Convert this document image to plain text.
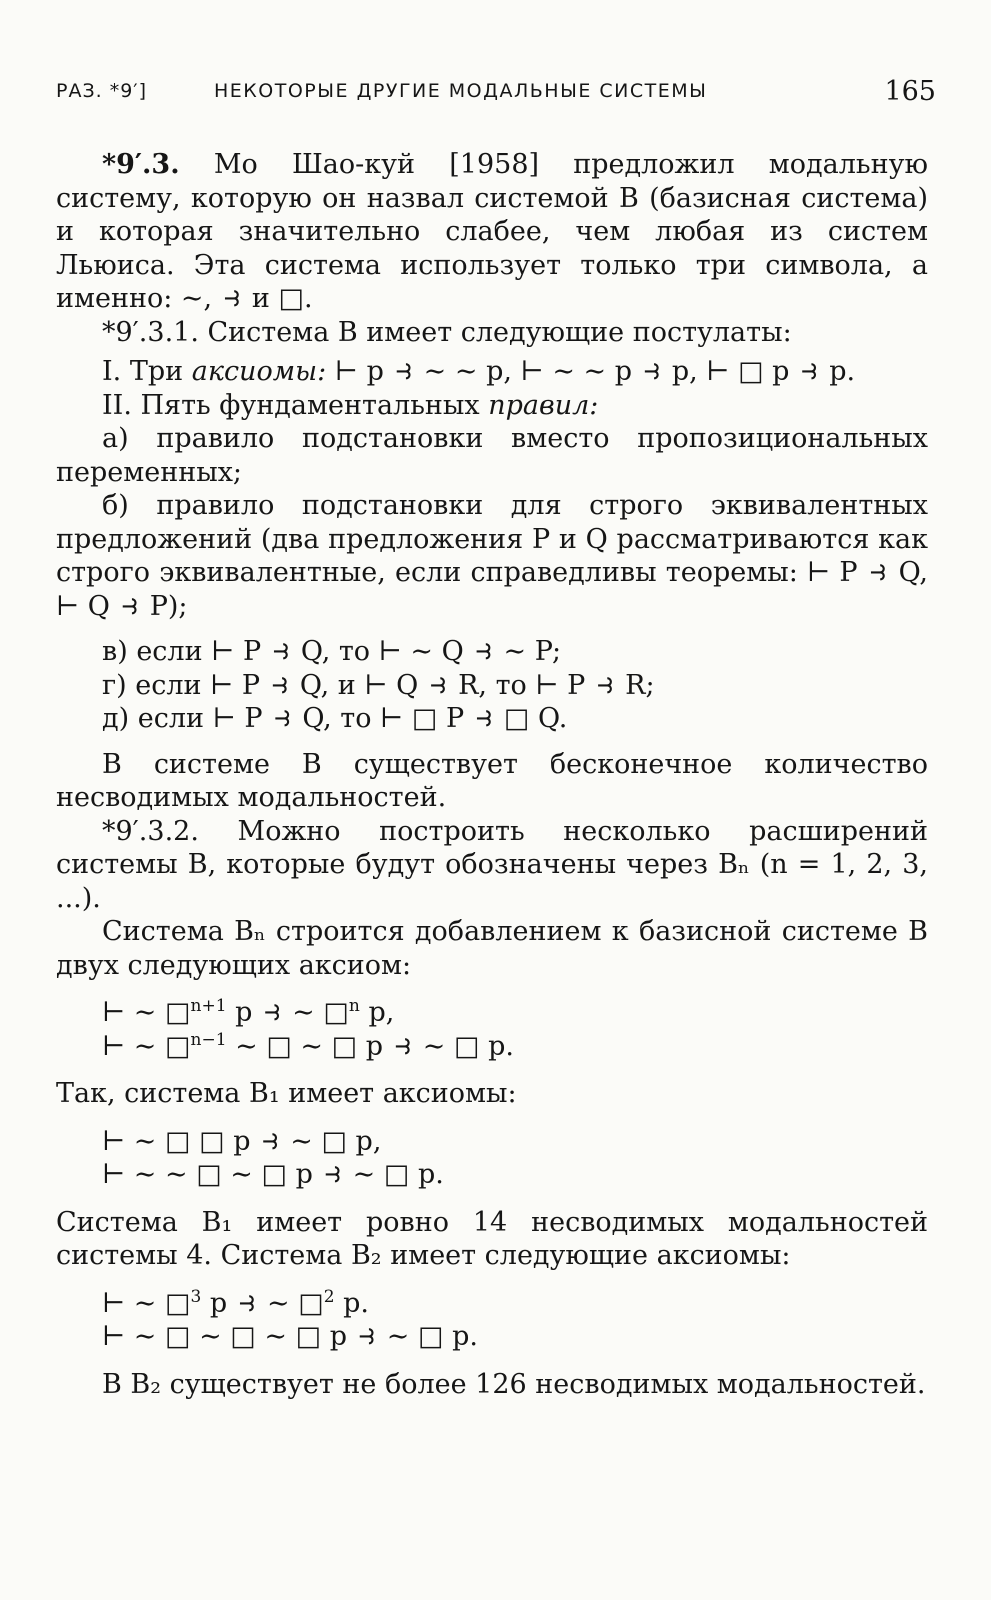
РАЗ. *9′]	НЕКОТОРЫЕ ДРУГИЕ МОДАЛЬНЫЕ СИСТЕМЫ	165

*9′.3. Мо Шао-куй [1958] предложил модальную систему, которую он назвал системой B (базисная система) и которая значительно слабее, чем любая из систем Льюиса. Эта система использует только три символа, а именно: ∼, ⥽ и □.

*9′.3.1. Система B имеет следующие постулаты:

I. Три аксиомы: ⊢ p ⥽ ∼ ∼ p, ⊢ ∼ ∼ p ⥽ p, ⊢ □ p ⥽ p.

II. Пять фундаментальных правил:

а) правило подстановки вместо пропозициональных переменных;

б) правило подстановки для строго эквивалентных предложений (два предложения P и Q рассматриваются как строго эквивалентные, если справедливы теоремы: ⊢ P ⥽ Q, ⊢ Q ⥽ P);

в) если ⊢ P ⥽ Q, то ⊢ ∼ Q ⥽ ∼ P;

г) если ⊢ P ⥽ Q, и ⊢ Q ⥽ R, то ⊢ P ⥽ R;

д) если ⊢ P ⥽ Q, то ⊢ □ P ⥽ □ Q.

В системе B существует бесконечное количество несводимых модальностей.

*9′.3.2. Можно построить несколько расширений системы B, которые будут обозначены через Bₙ (n = 1, 2, 3, ...).

Система Bₙ строится добавлением к базисной системе B двух следующих аксиом:

⊢ ∼ □$^{n+1}$ p ⥽ ∼ □$^n$ p,

⊢ ∼ □$^{n-1}$ ∼ □ ∼ □ p ⥽ ∼ □ p.

Так, система B₁ имеет аксиомы:

⊢ ∼ □ □ p ⥽ ∼ □ p,

⊢ ∼ ∼ □ ∼ □ p ⥽ ∼ □ p.

Система B₁ имеет ровно 14 несводимых модальностей системы 4. Система B₂ имеет следующие аксиомы:

⊢ ∼ □$^3$ p ⥽ ∼ □$^2$ p.

⊢ ∼ □ ∼ □ ∼ □ p ⥽ ∼ □ p.

В B₂ существует не более 126 несводимых модальностей.
